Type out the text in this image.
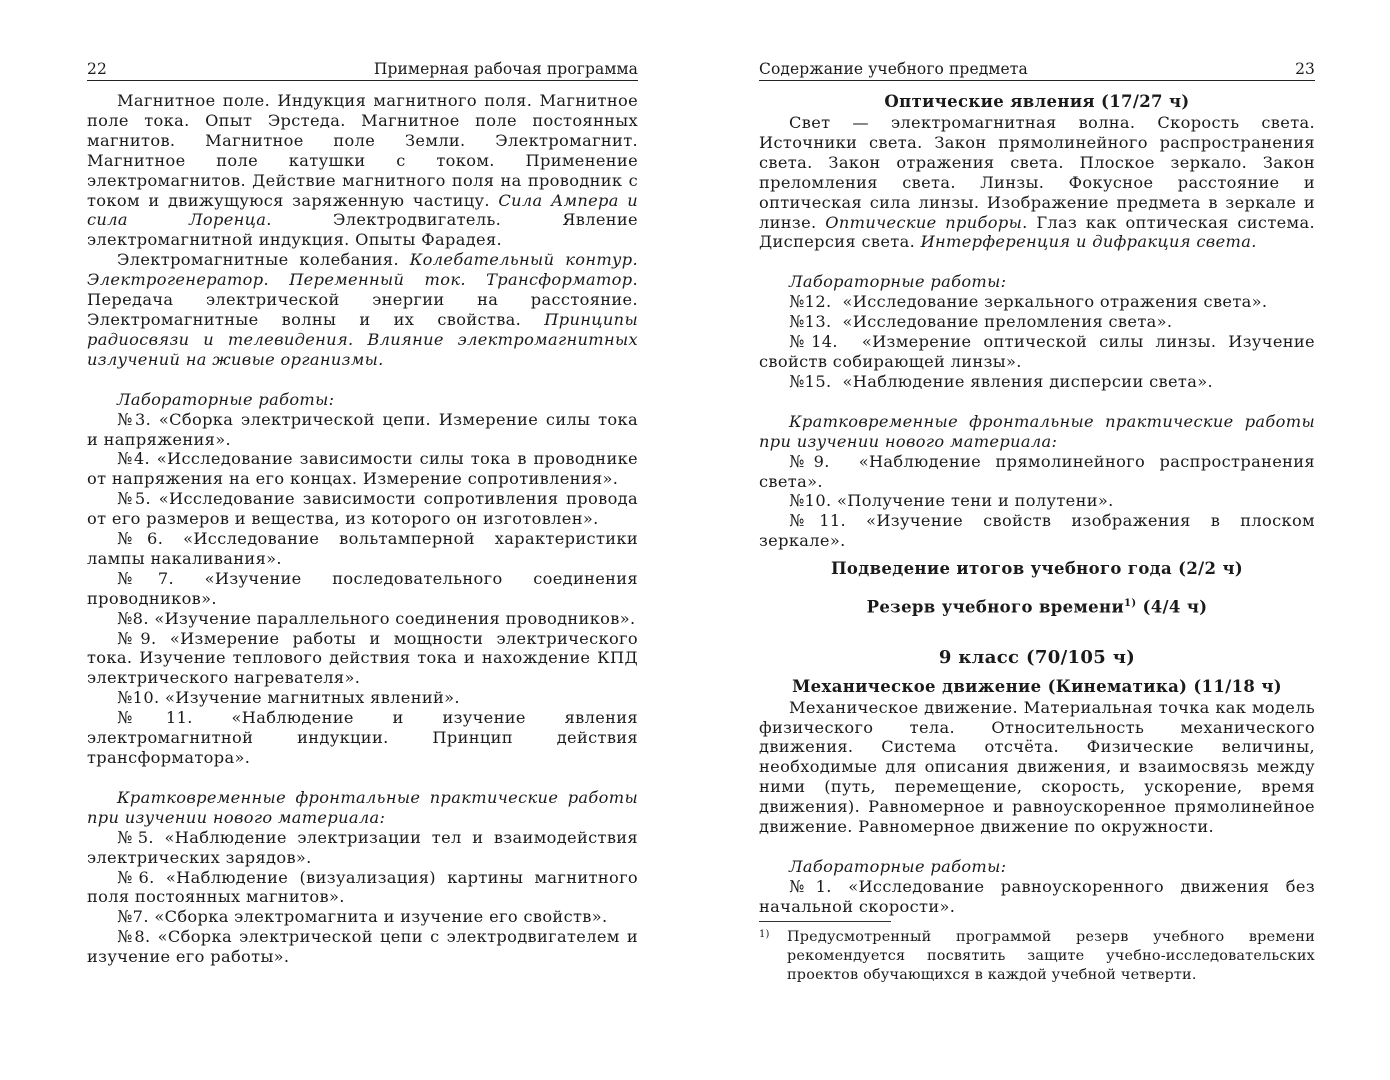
22	Примерная рабочая программа

Магнитное поле. Индукция магнитного поля. Магнитное поле тока. Опыт Эрстеда. Магнитное поле постоянных магнитов. Магнитное поле Земли. Электромагнит. Магнитное поле катушки с током. Применение электромагнитов. Действие магнитного поля на проводник с током и движущуюся заряженную частицу. Сила Ампера и сила Лоренца. Электродвигатель. Явление электромагнитной индукция. Опыты Фарадея.

Электромагнитные колебания. Колебательный контур. Электрогенератор. Переменный ток. Трансформатор. Передача электрической энергии на расстояние. Электромагнитные волны и их свойства. Принципы радиосвязи и телевидения. Влияние электромагнитных излучений на живые организмы.

Лабораторные работы:

№3. «Сборка электрической цепи. Измерение силы тока и напряжения».

№4. «Исследование зависимости силы тока в проводнике от напряжения на его концах. Измерение сопротивления».

№5. «Исследование зависимости сопротивления провода от его размеров и вещества, из которого он изготовлен».

№6. «Исследование вольтамперной характеристики лампы накаливания».

№7. «Изучение последовательного соединения проводников».

№8. «Изучение параллельного соединения проводников».

№9. «Измерение работы и мощности электрического тока. Изучение теплового действия тока и нахождение КПД электрического нагревателя».

№10. «Изучение магнитных явлений».

№11. «Наблюдение и изучение явления электромагнитной индукции. Принцип действия трансформатора».

Кратковременные фронтальные практические работы при изучении нового материала:

№5. «Наблюдение электризации тел и взаимодействия электрических зарядов».

№6. «Наблюдение (визуализация) картины магнитного поля постоянных магнитов».

№7. «Сборка электромагнита и изучение его свойств».

№8. «Сборка электрической цепи с электродвигателем и изучение его работы».

Содержание учебного предмета	23

Оптические явления (17/27 ч)

Свет — электромагнитная волна. Скорость света. Источники света. Закон прямолинейного распространения света. Закон отражения света. Плоское зеркало. Закон преломления света. Линзы. Фокусное расстояние и оптическая сила линзы. Изображение предмета в зеркале и линзе. Оптические приборы. Глаз как оптическая система. Дисперсия света. Интерференция и дифракция света.

Лабораторные работы:

№12. «Исследование зеркального отражения света».

№13. «Исследование преломления света».

№14. «Измерение оптической силы линзы. Изучение свойств собирающей линзы».

№15. «Наблюдение явления дисперсии света».

Кратковременные фронтальные практические работы при изучении нового материала:

№9. «Наблюдение прямолинейного распространения света».

№10. «Получение тени и полутени».

№11. «Изучение свойств изображения в плоском зеркале».

Подведение итогов учебного года (2/2 ч)

Резерв учебного времени$^{1)}$ (4/4 ч)

9 класс (70/105 ч)

Механическое движение (Кинематика) (11/18 ч)

Механическое движение. Материальная точка как модель физического тела. Относительность механического движения. Система отсчёта. Физические величины, необходимые для описания движения, и взаимосвязь между ними (путь, перемещение, скорость, ускорение, время движения). Равномерное и равноускоренное прямолинейное движение. Равномерное движение по окружности.

Лабораторные работы:

№1. «Исследование равноускоренного движения без начальной скорости».

1)	Предусмотренный программой резерв учебного времени рекомендуется посвятить защите учебно-исследовательских проектов обучающихся в каждой учебной четверти.
